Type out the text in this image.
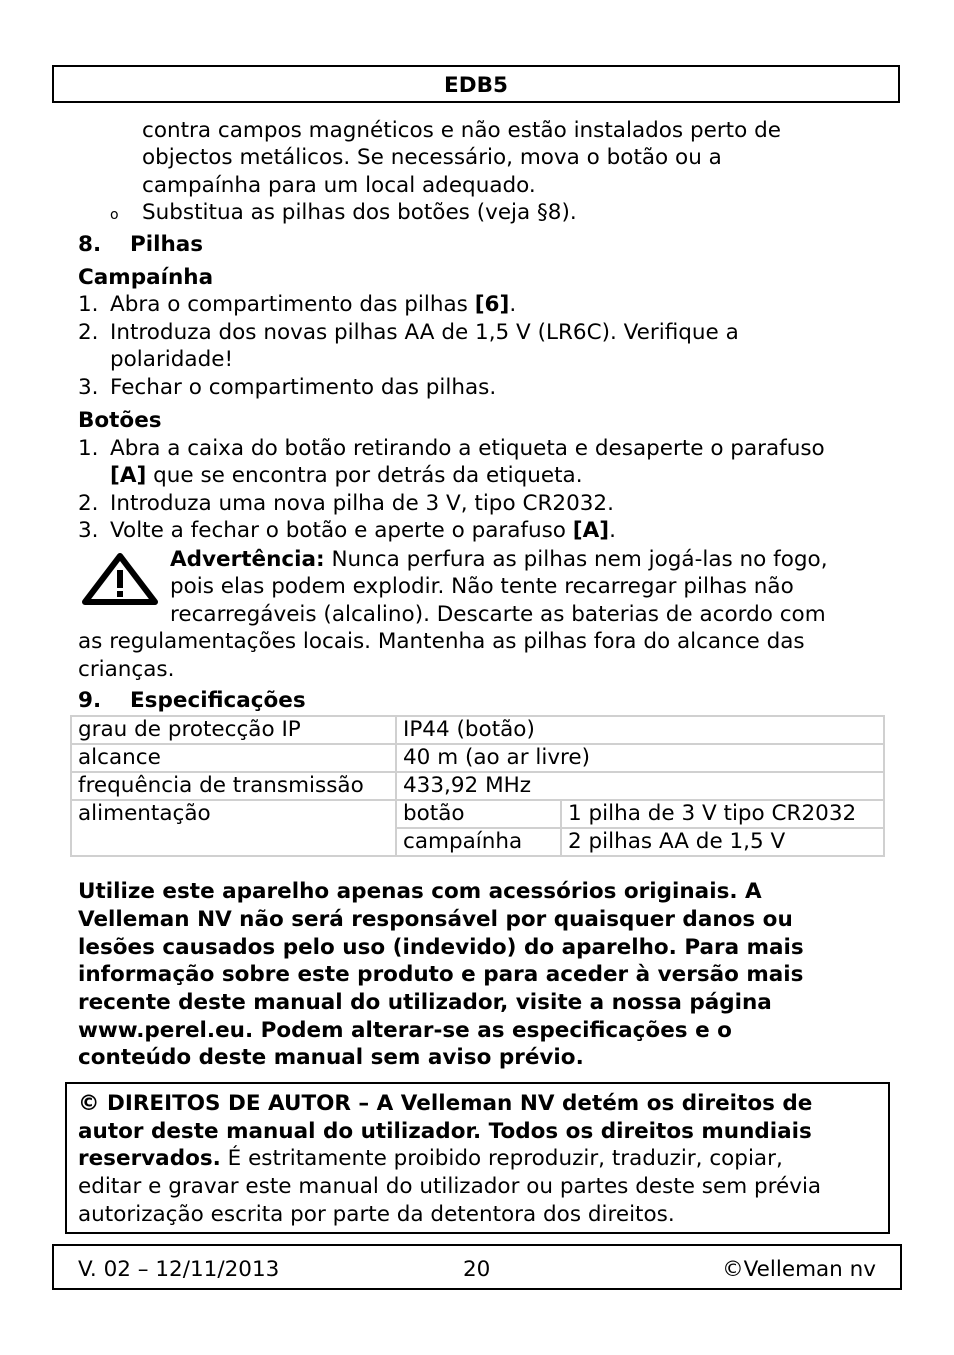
EDB5
contra campos magnéticos e não estão instalados perto de
objectos metálicos. Se necessário, mova o botão ou a
campaínha para um local adequado.
o Substitua as pilhas dos botões (veja §8).
8. Pilhas
Campaínha
1. Abra o compartimento das pilhas [6].
2. Introduza dos novas pilhas AA de 1,5 V (LR6C). Verifique a
polaridade!
3. Fechar o compartimento das pilhas.
Botões
1. Abra a caixa do botão retirando a etiqueta e desaperte o parafuso
[A] que se encontra por detrás da etiqueta.
2. Introduza uma nova pilha de 3 V, tipo CR2032.
3. Volte a fechar o botão e aperte o parafuso [A].
Advertência: Nunca perfura as pilhas nem jogá-las no fogo,
pois elas podem explodir. Não tente recarregar pilhas não
recarregáveis (alcalino). Descarte as baterias de acordo com
as regulamentações locais. Mantenha as pilhas fora do alcance das
crianças.
9. Especificações
grau de protecção IP	IP44 (botão)	
alcance	40 m (ao ar livre)	
frequência de transmissão	433,92 MHz	
alimentação	botão	1 pilha de 3 V tipo CR2032
	campaínha	2 pilhas AA de 1,5 V
Utilize este aparelho apenas com acessórios originais. A
Velleman NV não será responsável por quaisquer danos ou
lesões causados pelo uso (indevido) do aparelho. Para mais
informação sobre este produto e para aceder à versão mais
recente deste manual do utilizador, visite a nossa página
www.perel.eu. Podem alterar-se as especificações e o
conteúdo deste manual sem aviso prévio.
© DIREITOS DE AUTOR – A Velleman NV detém os direitos de
autor deste manual do utilizador. Todos os direitos mundiais
reservados. É estritamente proibido reproduzir, traduzir, copiar,
editar e gravar este manual do utilizador ou partes deste sem prévia
autorização escrita por parte da detentora dos direitos.
V. 02 – 12/11/2013	20	©Velleman nv
